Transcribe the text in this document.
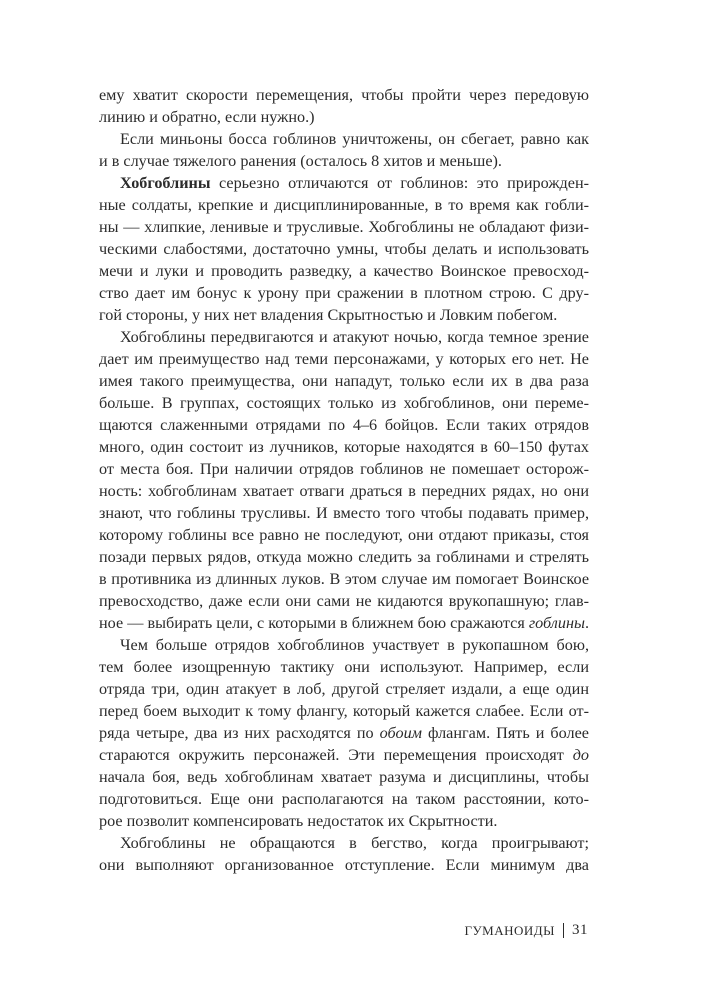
ему хватит скорости перемещения, чтобы пройти через передовую
линию и обратно, если нужно.)
Если миньоны босса гоблинов уничтожены, он сбегает, равно как
и в случае тяжелого ранения (осталось 8 хитов и меньше).
Хобгоблины серьезно отличаются от гоблинов: это прирожден-
ные солдаты, крепкие и дисциплинированные, в то время как гобли-
ны — хлипкие, ленивые и трусливые. Хобгоблины не обладают физи-
ческими слабостями, достаточно умны, чтобы делать и использовать
мечи и луки и проводить разведку, а качество Воинское превосход-
ство дает им бонус к урону при сражении в плотном строю. С дру-
гой стороны, у них нет владения Скрытностью и Ловким побегом.
Хобгоблины передвигаются и атакуют ночью, когда темное зрение
дает им преимущество над теми персонажами, у которых его нет. Не
имея такого преимущества, они нападут, только если их в два раза
больше. В группах, состоящих только из хобгоблинов, они переме-
щаются слаженными отрядами по 4–6 бойцов. Если таких отрядов
много, один состоит из лучников, которые находятся в 60–150 футах
от места боя. При наличии отрядов гоблинов не помешает осторож-
ность: хобгоблинам хватает отваги драться в передних рядах, но они
знают, что гоблины трусливы. И вместо того чтобы подавать пример,
которому гоблины все равно не последуют, они отдают приказы, стоя
позади первых рядов, откуда можно следить за гоблинами и стрелять
в противника из длинных луков. В этом случае им помогает Воинское
превосходство, даже если они сами не кидаются врукопашную; глав-
ное — выбирать цели, с которыми в ближнем бою сражаются гоблины.
Чем больше отрядов хобгоблинов участвует в рукопашном бою,
тем более изощренную тактику они используют. Например, если
отряда три, один атакует в лоб, другой стреляет издали, а еще один
перед боем выходит к тому флангу, который кажется слабее. Если от-
ряда четыре, два из них расходятся по обоим флангам. Пять и более
стараются окружить персонажей. Эти перемещения происходят до
начала боя, ведь хобгоблинам хватает разума и дисциплины, чтобы
подготовиться. Еще они располагаются на таком расстоянии, кото-
рое позволит компенсировать недостаток их Скрытности.
Хобгоблины не обращаются в бегство, когда проигрывают;
они выполняют организованное отступление. Если минимум два
ГУМАНОИДЫ 31
